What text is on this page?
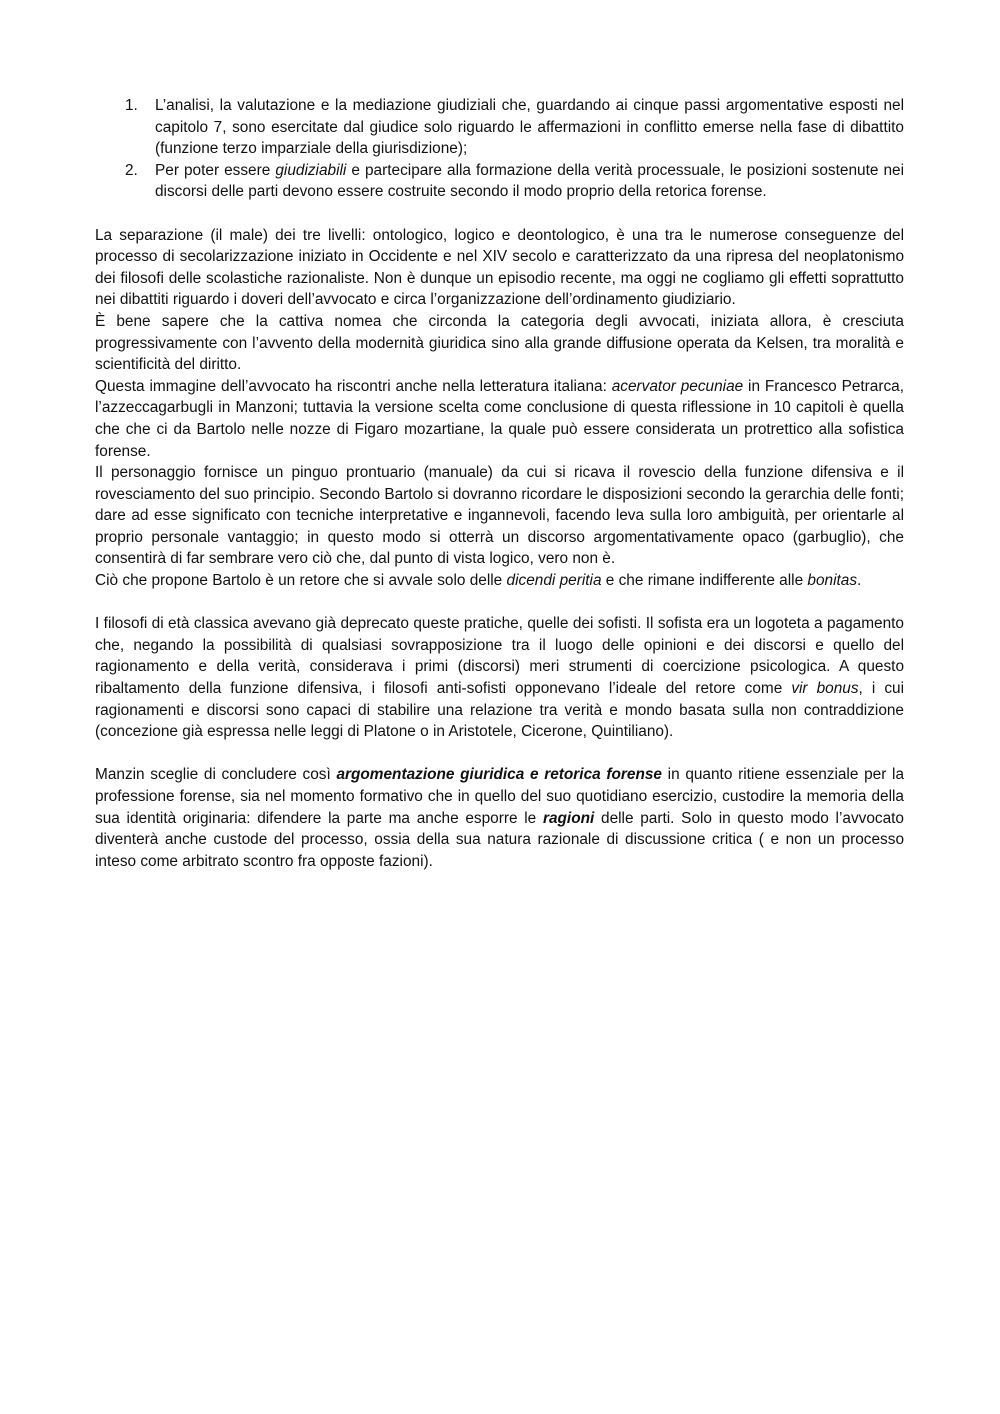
1. L’analisi, la valutazione e la mediazione giudiziali che, guardando ai cinque passi argomentative esposti nel capitolo 7, sono esercitate dal giudice solo riguardo le affermazioni in conflitto emerse nella fase di dibattito (funzione terzo imparziale della giurisdizione);
2. Per poter essere giudiziabili e partecipare alla formazione della verità processuale, le posizioni sostenute nei discorsi delle parti devono essere costruite secondo il modo proprio della retorica forense.

La separazione (il male) dei tre livelli: ontologico, logico e deontologico, è una tra le numerose conseguenze del processo di secolarizzazione iniziato in Occidente e nel XIV secolo e caratterizzato da una ripresa del neoplatonismo dei filosofi delle scolastiche razionaliste. Non è dunque un episodio recente, ma oggi ne cogliamo gli effetti soprattutto nei dibattiti riguardo i doveri dell’avvocato e circa l’organizzazione dell’ordinamento giudiziario.

È bene sapere che la cattiva nomea che circonda la categoria degli avvocati, iniziata allora, è cresciuta progressivamente con l’avvento della modernità giuridica sino alla grande diffusione operata da Kelsen, tra moralità e scientificità del diritto.

Questa immagine dell’avvocato ha riscontri anche nella letteratura italiana: acervator pecuniae in Francesco Petrarca, l’azzeccagarbugli in Manzoni; tuttavia la versione scelta come conclusione di questa riflessione in 10 capitoli è quella che che ci da Bartolo nelle nozze di Figaro mozartiane, la quale può essere considerata un protrettico alla sofistica forense.

Il personaggio fornisce un pinguo prontuario (manuale) da cui si ricava il rovescio della funzione difensiva e il rovesciamento del suo principio. Secondo Bartolo si dovranno ricordare le disposizioni secondo la gerarchia delle fonti; dare ad esse significato con tecniche interpretative e ingannevoli, facendo leva sulla loro ambiguità, per orientarle al proprio personale vantaggio; in questo modo si otterrà un discorso argomentativamente opaco (garbuglio), che consentirà di far sembrare vero ciò che, dal punto di vista logico, vero non è.

Ciò che propone Bartolo è un retore che si avvale solo delle dicendi peritia e che rimane indifferente alle bonitas.

I filosofi di età classica avevano già deprecato queste pratiche, quelle dei sofisti. Il sofista era un logoteta a pagamento che, negando la possibilità di qualsiasi sovrapposizione tra il luogo delle opinioni e dei discorsi e quello del ragionamento e della verità, considerava i primi (discorsi) meri strumenti di coercizione psicologica. A questo ribaltamento della funzione difensiva, i filosofi anti-sofisti opponevano l’ideale del retore come vir bonus, i cui ragionamenti e discorsi sono capaci di stabilire una relazione tra verità e mondo basata sulla non contraddizione (concezione già espressa nelle leggi di Platone o in Aristotele, Cicerone, Quintiliano).

Manzin sceglie di concludere così argomentazione giuridica e retorica forense in quanto ritiene essenziale per la professione forense, sia nel momento formativo che in quello del suo quotidiano esercizio, custodire la memoria della sua identità originaria: difendere la parte ma anche esporre le ragioni delle parti. Solo in questo modo l’avvocato diventerà anche custode del processo, ossia della sua natura razionale di discussione critica ( e non un processo inteso come arbitrato scontro fra opposte fazioni).
